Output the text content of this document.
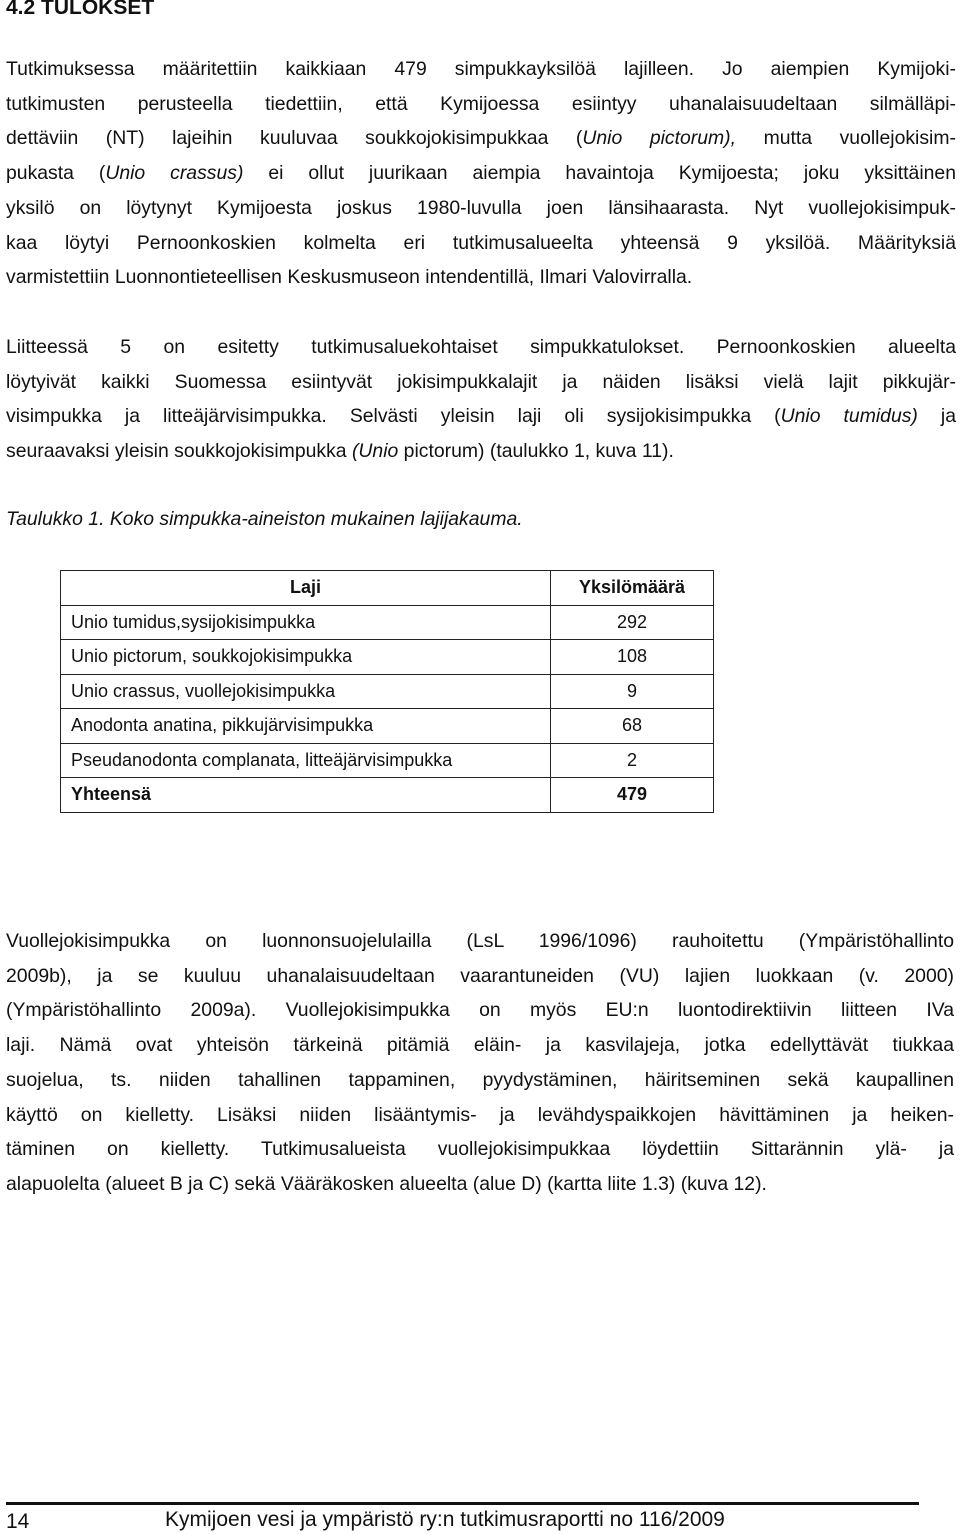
4.2 TULOKSET
Tutkimuksessa määritettiin kaikkiaan 479 simpukkayksilöä lajilleen. Jo aiempien Kymijoki-
tutkimusten perusteella tiedettiin, että Kymijoessa esiintyy uhanalaisuudeltaan silmälläpi-
dettäviin (NT) lajeihin kuuluvaa soukkojokisimpukkaa (Unio pictorum), mutta vuollejokisim-
pukasta (Unio crassus) ei ollut juurikaan aiempia havaintoja Kymijoesta; joku yksittäinen
yksilö on löytynyt Kymijoesta joskus 1980-luvulla joen länsihaarasta. Nyt vuollejokisimpuk-
kaa löytyi Pernoonkoskien kolmelta eri tutkimusalueelta yhteensä 9 yksilöä. Määrityksiä
varmistettiin Luonnontieteellisen Keskusmuseon intendentillä, Ilmari Valovirralla.
Liitteessä 5 on esitetty tutkimusaluekohtaiset simpukkatulokset. Pernoonkoskien alueelta
löytyivät kaikki Suomessa esiintyvät jokisimpukkalajit ja näiden lisäksi vielä lajit pikkujär-
visimpukka ja litteäjärvisimpukka. Selvästi yleisin laji oli sysijokisimpukka (Unio tumidus) ja
seuraavaksi yleisin soukkojokisimpukka (Unio pictorum) (taulukko 1, kuva 11).

Taulukko 1. Koko simpukka-aineiston mukainen lajijakauma.

Laji	Yksilömäärä
Unio tumidus,sysijokisimpukka	292
Unio pictorum, soukkojokisimpukka	108
Unio crassus, vuollejokisimpukka	9
Anodonta anatina, pikkujärvisimpukka	68
Pseudanodonta complanata, litteäjärvisimpukka	2
Yhteensä	479
Vuollejokisimpukka on luonnonsuojelulailla (LsL 1996/1096) rauhoitettu (Ympäristöhallinto
2009b), ja se kuuluu uhanalaisuudeltaan vaarantuneiden (VU) lajien luokkaan (v. 2000)
(Ympäristöhallinto 2009a). Vuollejokisimpukka on myös EU:n luontodirektiivin liitteen IVa
laji. Nämä ovat yhteisön tärkeinä pitämiä eläin- ja kasvilajeja, jotka edellyttävät tiukkaa
suojelua, ts. niiden tahallinen tappaminen, pyydystäminen, häiritseminen sekä kaupallinen
käyttö on kielletty. Lisäksi niiden lisääntymis- ja levähdyspaikkojen hävittäminen ja heiken-
täminen on kielletty. Tutkimusalueista vuollejokisimpukkaa löydettiin Sittarännin ylä- ja
alapuolelta (alueet B ja C) sekä Vääräkosken alueelta (alue D) (kartta liite 1.3) (kuva 12).
14	Kymijoen vesi ja ympäristö ry:n tutkimusraportti no 116/2009
